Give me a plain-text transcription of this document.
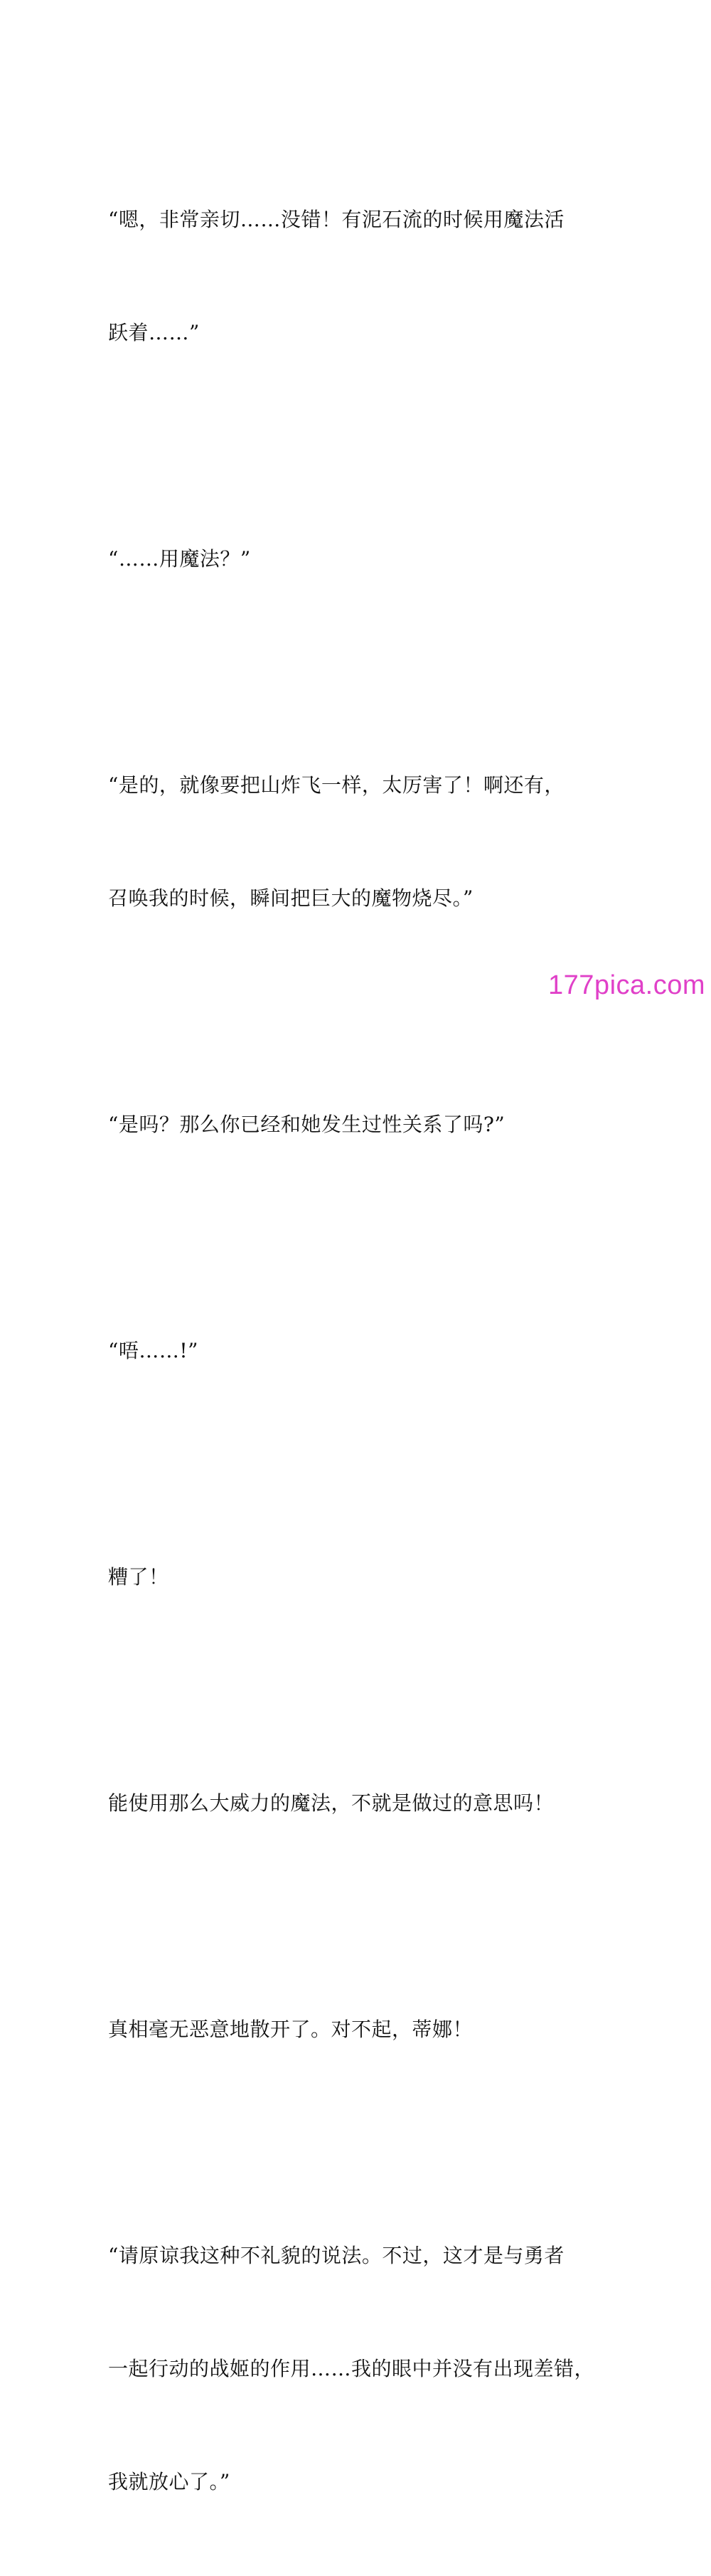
“嗯，非常亲切……没错！有泥石流的时候用魔法活

跃着……”

“……用魔法？”

“是的，就像要把山炸飞一样，太厉害了！啊还有，

召唤我的时候，瞬间把巨大的魔物烧尽。”

“是吗？那么你已经和她发生过性关系了吗?”

“唔……!”

糟了！

能使用那么大威力的魔法，不就是做过的意思吗！

真相毫无恶意地散开了。对不起，蒂娜！

“请原谅我这种不礼貌的说法。不过，这才是与勇者

一起行动的战姬的作用……我的眼中并没有出现差错，

我就放心了。”

177pica.com
